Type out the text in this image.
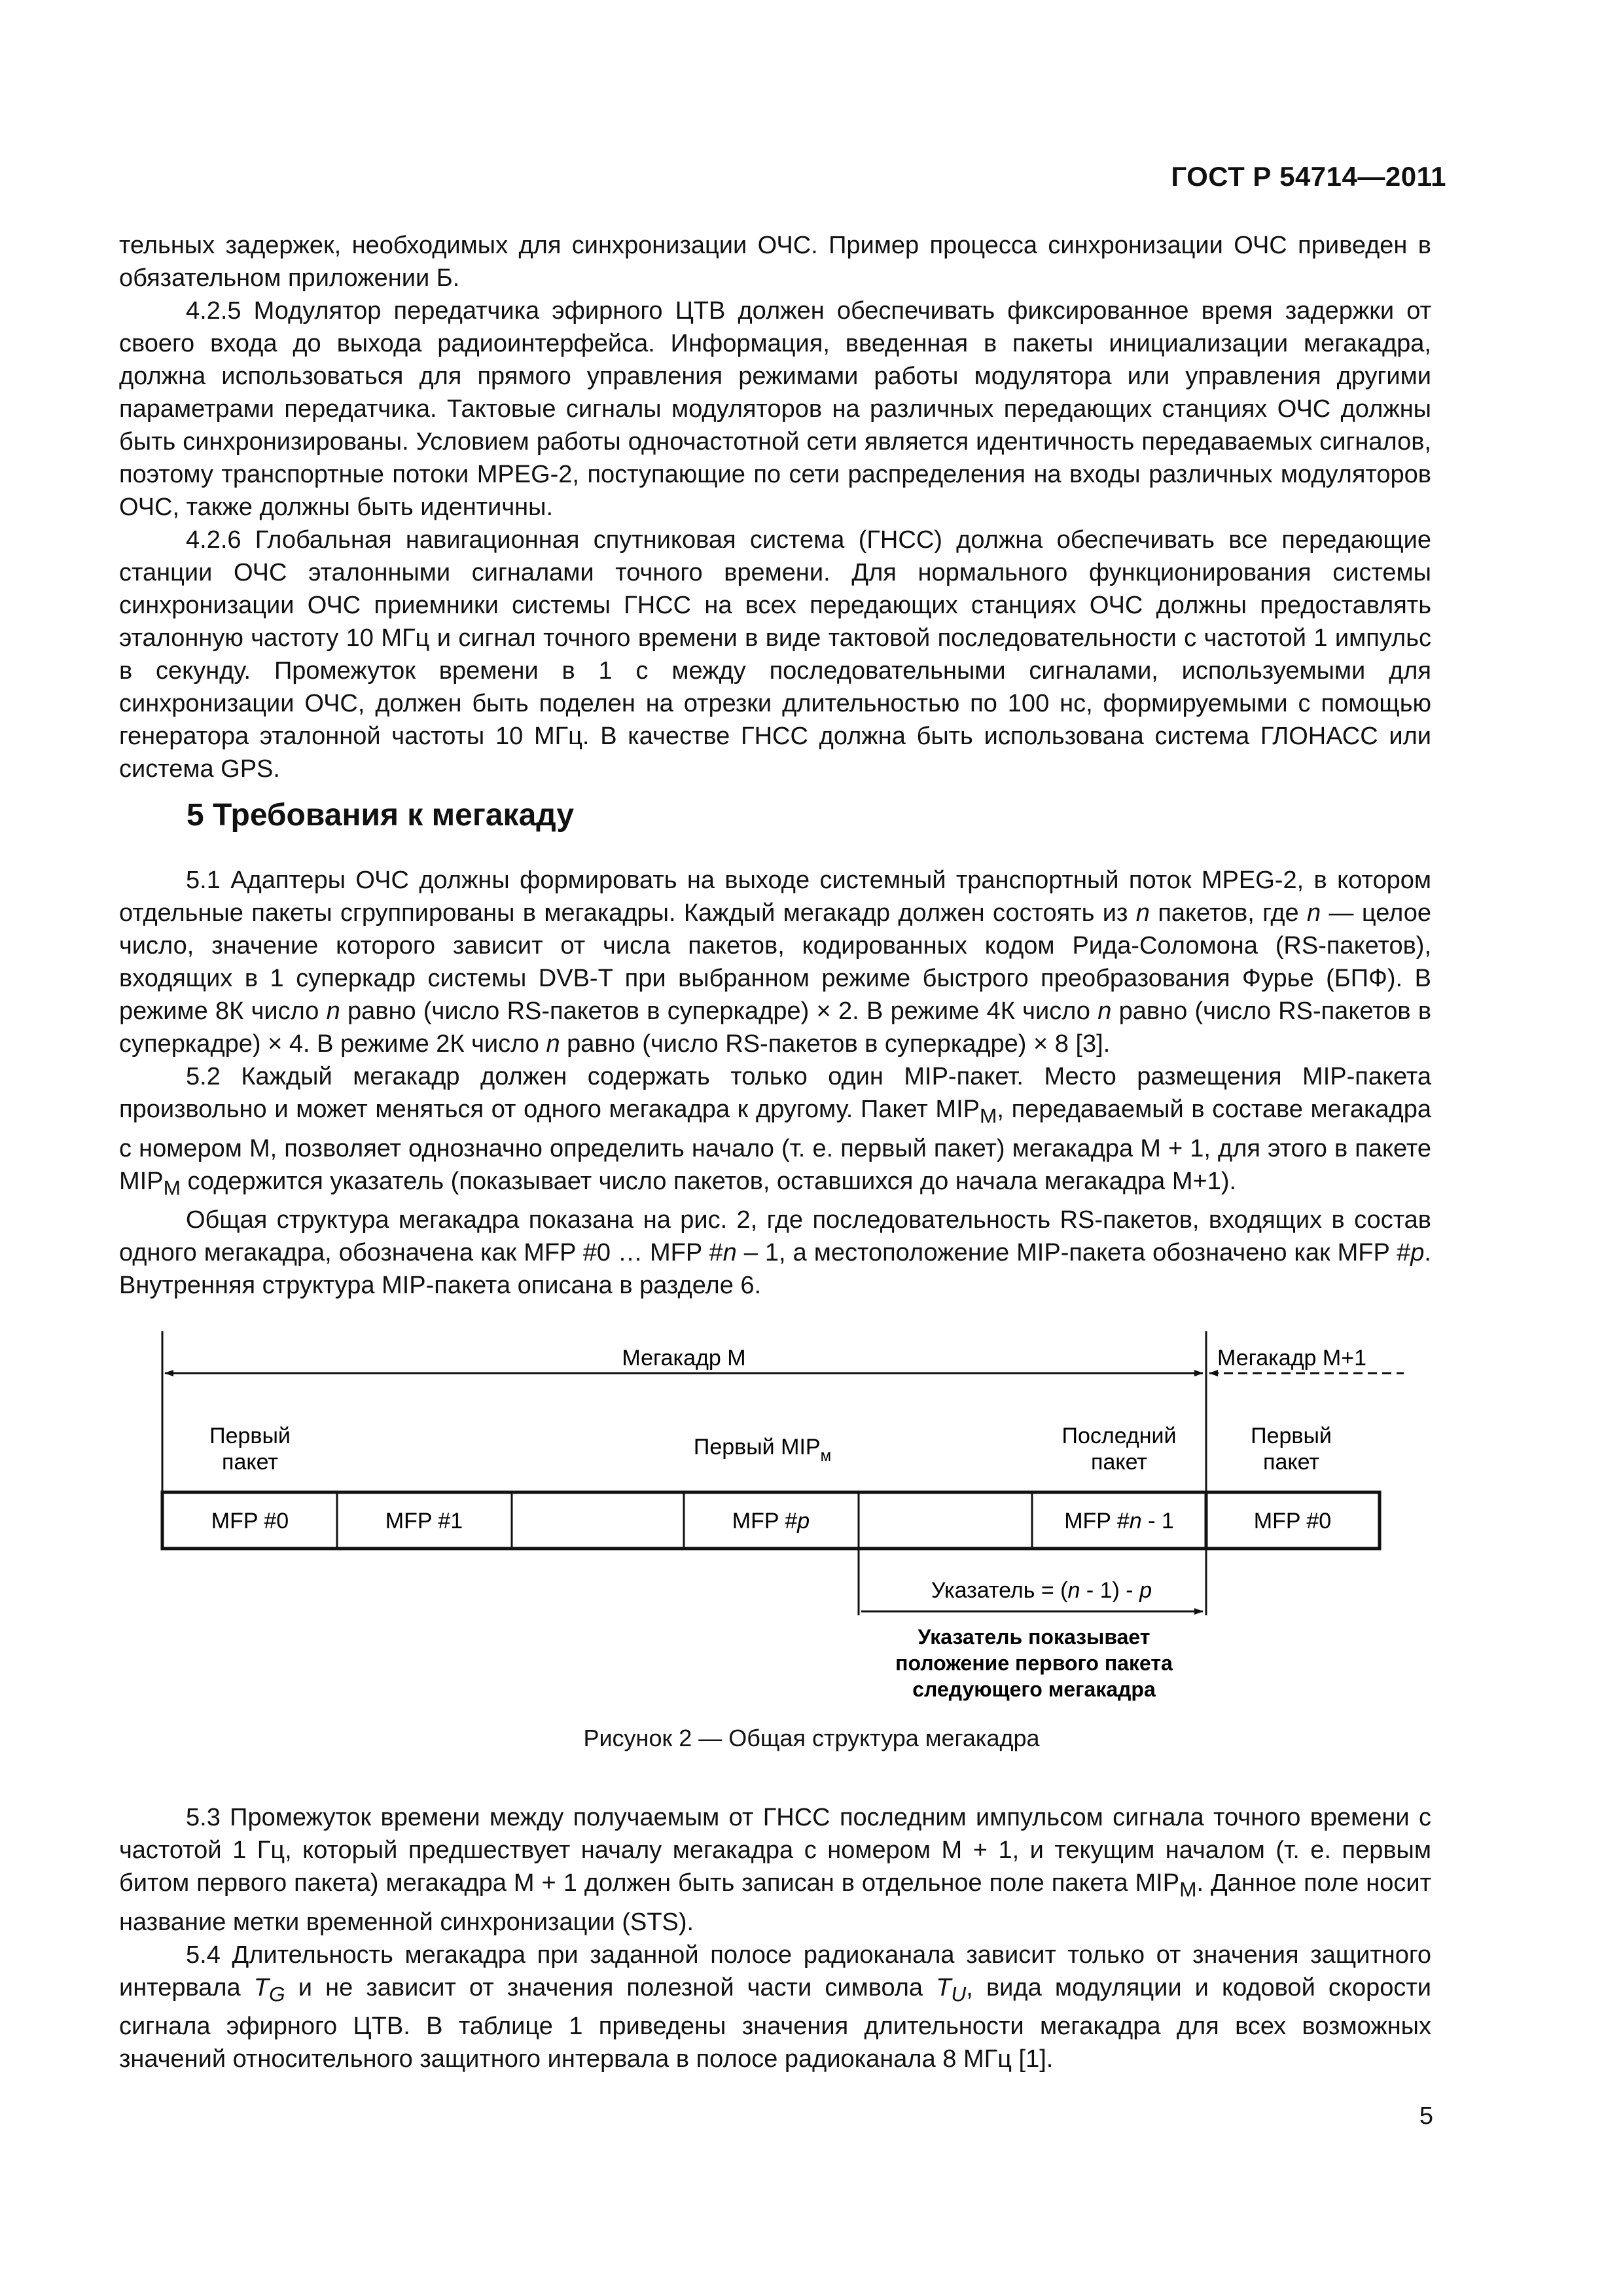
ГОСТ Р 54714—2011

тельных задержек, необходимых для синхронизации ОЧС. Пример процесса синхронизации ОЧС приведен в обязательном приложении Б.

4.2.5 Модулятор передатчика эфирного ЦТВ должен обеспечивать фиксированное время задержки от своего входа до выхода радиоинтерфейса. Информация, введенная в пакеты инициализации мегакадра, должна использоваться для прямого управления режимами работы модулятора или управления другими параметрами передатчика. Тактовые сигналы модуляторов на различных передающих станциях ОЧС должны быть синхронизированы. Условием работы одночастотной сети является идентичность передаваемых сигналов, поэтому транспортные потоки MPEG-2, поступающие по сети распределения на входы различных модуляторов ОЧС, также должны быть идентичны.

4.2.6 Глобальная навигационная спутниковая система (ГНСС) должна обеспечивать все передающие станции ОЧС эталонными сигналами точного времени. Для нормального функционирования системы синхронизации ОЧС приемники системы ГНСС на всех передающих станциях ОЧС должны предоставлять эталонную частоту 10 МГц и сигнал точного времени в виде тактовой последовательности с частотой 1 импульс в секунду. Промежуток времени в 1 с между последовательными сигналами, используемыми для синхронизации ОЧС, должен быть поделен на отрезки длительностью по 100 нс, формируемыми с помощью генератора эталонной частоты 10 МГц. В качестве ГНСС должна быть использована система ГЛОНАСС или система GPS.

5 Требования к мегакаду

5.1 Адаптеры ОЧС должны формировать на выходе системный транспортный поток MPEG-2, в котором отдельные пакеты сгруппированы в мегакадры. Каждый мегакадр должен состоять из n пакетов, где n — целое число, значение которого зависит от числа пакетов, кодированных кодом Рида-Соломона (RS-пакетов), входящих в 1 суперкадр системы DVB-T при выбранном режиме быстрого преобразования Фурье (БПФ). В режиме 8К число n равно (число RS-пакетов в суперкадре) × 2. В режиме 4К число n равно (число RS-пакетов в суперкадре) × 4. В режиме 2К число n равно (число RS-пакетов в суперкадре) × 8 [3].

5.2 Каждый мегакадр должен содержать только один MIP-пакет. Место размещения MIP-пакета произвольно и может меняться от одного мегакадра к другому. Пакет $MIP_M$, передаваемый в составе мегакадра с номером М, позволяет однозначно определить начало (т. е. первый пакет) мегакадра М + 1, для этого в пакете $MIP_M$ содержится указатель (показывает число пакетов, оставшихся до начала мегакадра М+1).

Общая структура мегакадра показана на рис. 2, где последовательность RS-пакетов, входящих в состав одного мегакадра, обозначена как MFP #0 … MFP #n – 1, а местоположение MIP-пакета обозначено как MFP #p. Внутренняя структура MIP-пакета описана в разделе 6.

Мегакадр М	Мегакадр М+1
Первый
пакет
Первый $MIP_м$
Последний
пакет
Первый
пакет
MFP #0	MFP #1	MFP #p	MFP #n - 1	MFP #0
Указатель = (n - 1) - p
Указатель показывает
положение первого пакета
следующего мегакадра
Рисунок 2 — Общая структура мегакадра

5.3 Промежуток времени между получаемым от ГНСС последним импульсом сигнала точного времени с частотой 1 Гц, который предшествует началу мегакадра с номером М + 1, и текущим началом (т. е. первым битом первого пакета) мегакадра М + 1 должен быть записан в отдельное поле пакета $MIP_M$. Данное поле носит название метки временной синхронизации (STS).

5.4 Длительность мегакадра при заданной полосе радиоканала зависит только от значения защитного интервала $T_G$ и не зависит от значения полезной части символа $T_U$, вида модуляции и кодовой скорости сигнала эфирного ЦТВ. В таблице 1 приведены значения длительности мегакадра для всех возможных значений относительного защитного интервала в полосе радиоканала 8 МГц [1].

5
